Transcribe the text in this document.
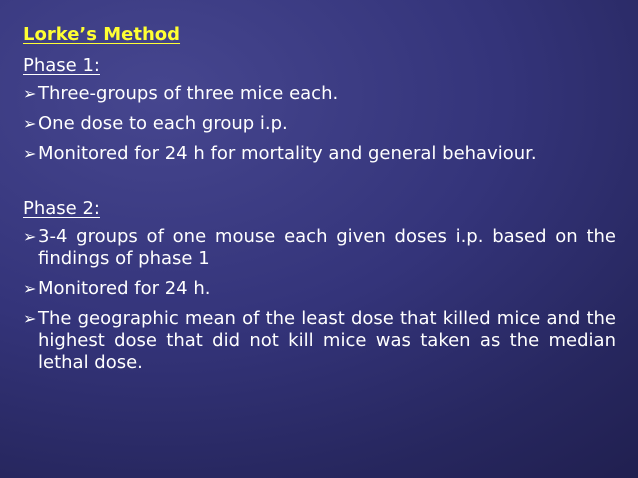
Lorke’s Method
Phase 1:
➢ Three-groups of three mice each.
➢ One dose to each group i.p.
➢ Monitored for 24 h for mortality and general behaviour.
Phase 2:
➢ 3-4 groups of one mouse each given doses i.p. based on the findings of phase 1
➢ Monitored for 24 h.
➢ The geographic mean of the least dose that killed mice and the highest dose that did not kill mice was taken as the median lethal dose.
